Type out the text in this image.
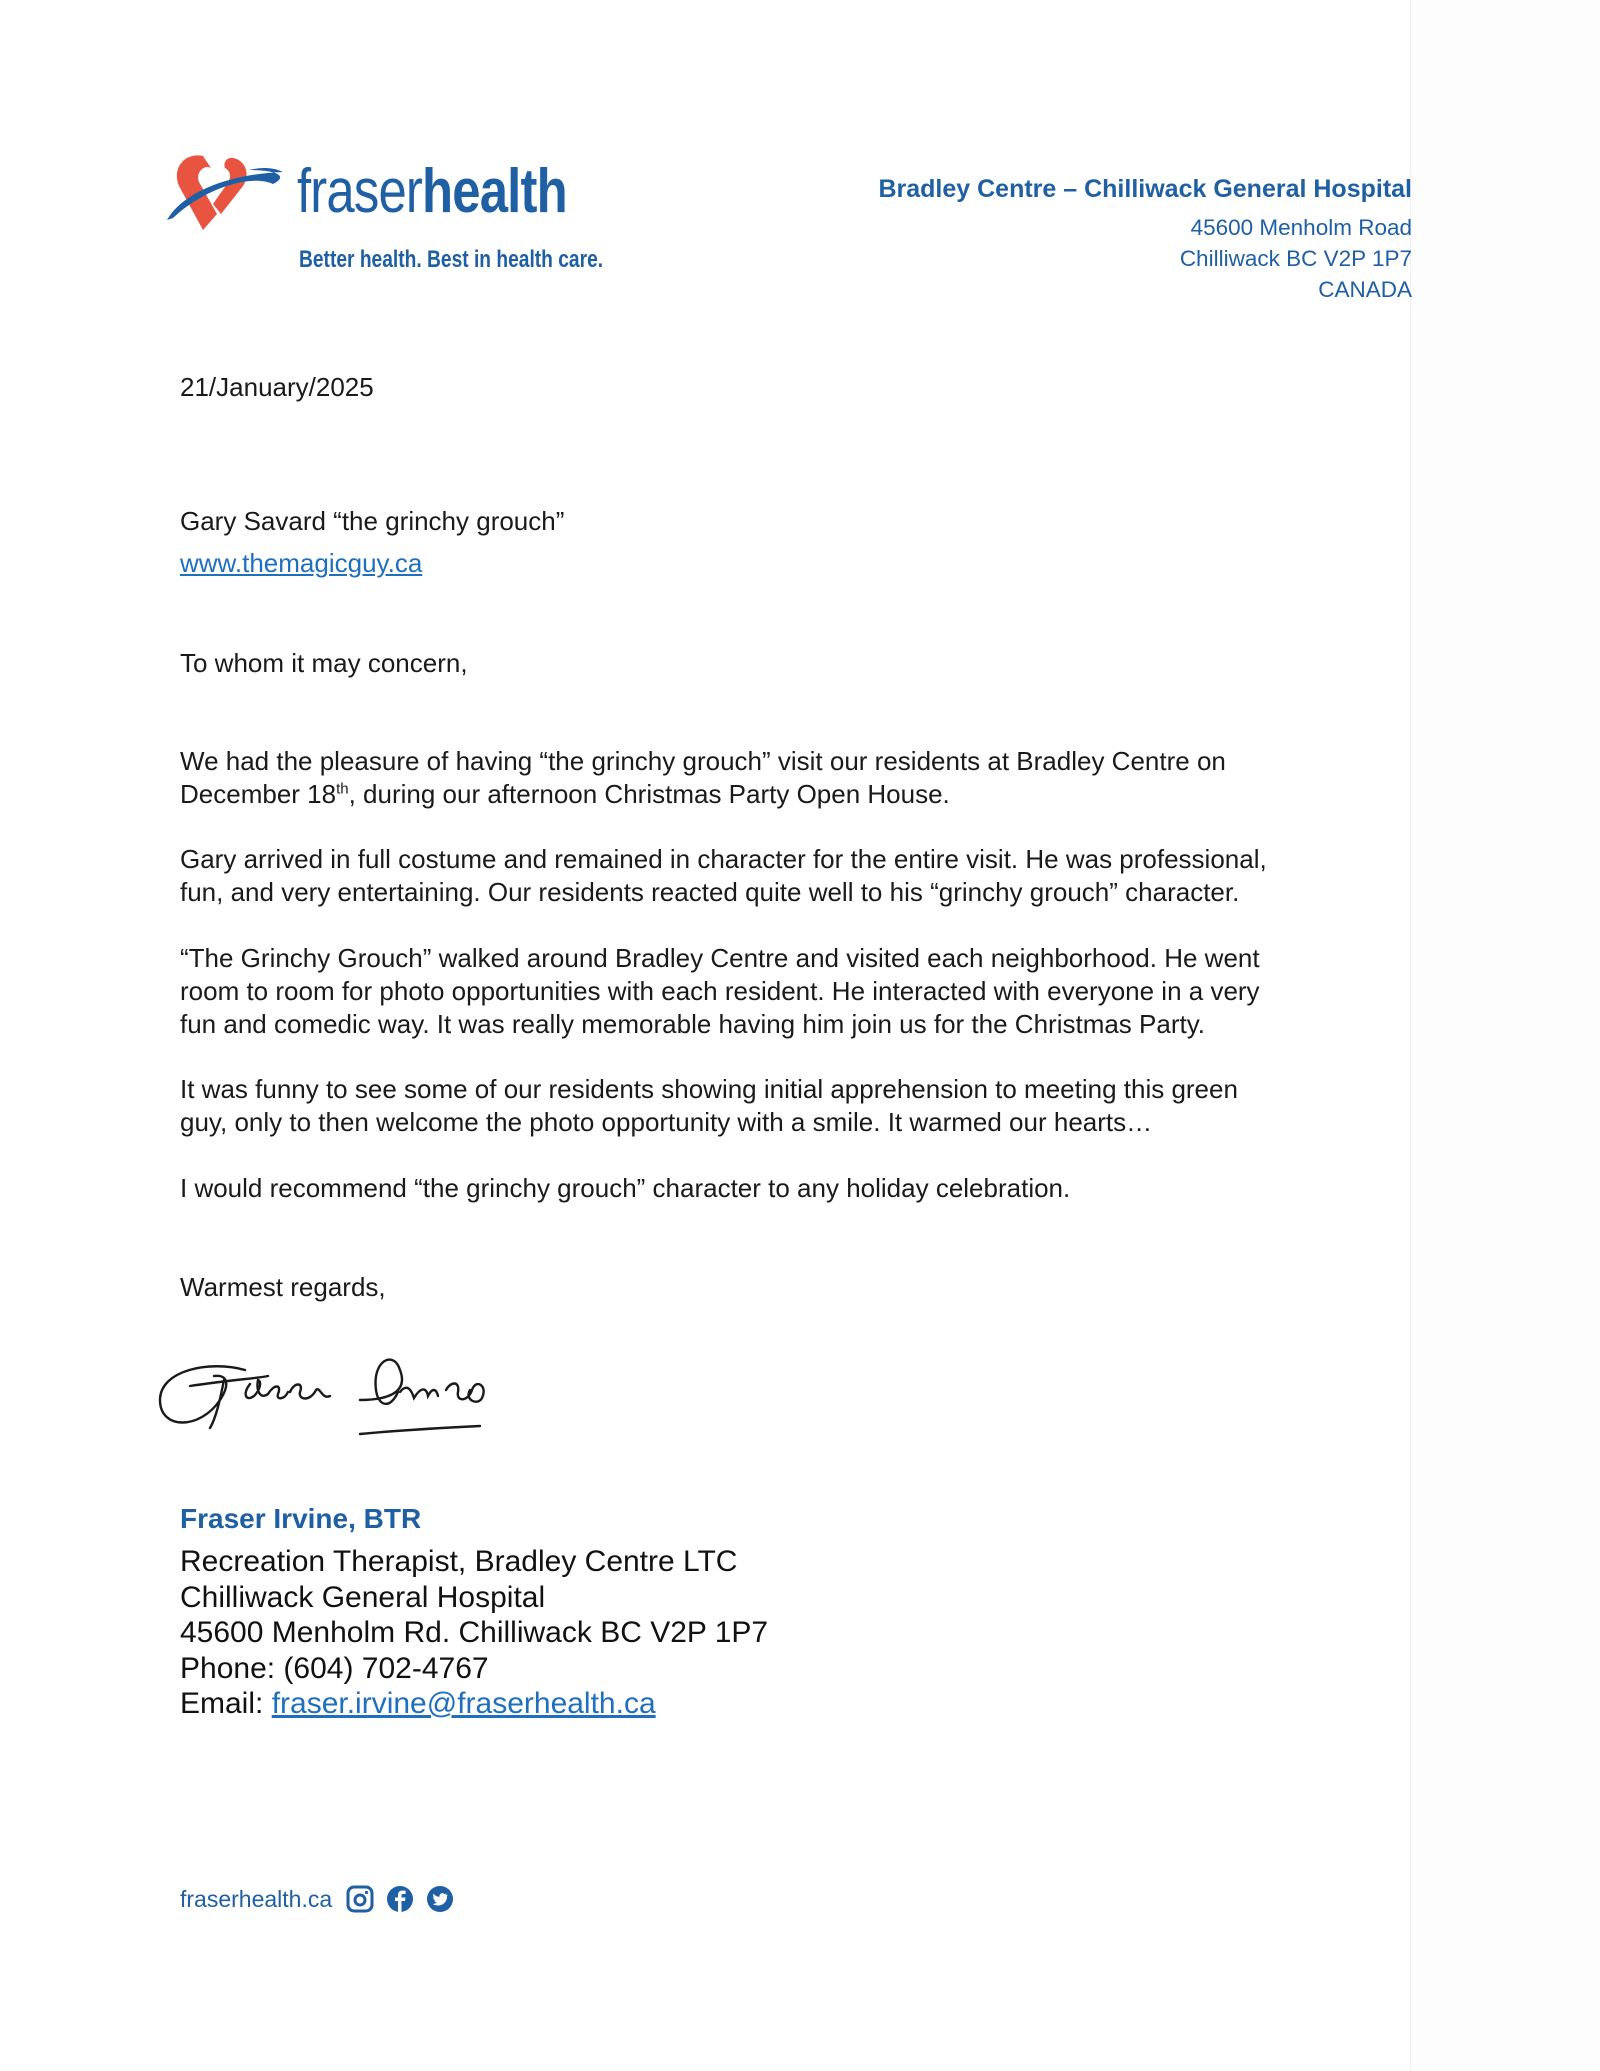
fraserhealth
Better health. Best in health care.
Bradley Centre – Chilliwack General Hospital
45600 Menholm Road
Chilliwack BC V2P 1P7
CANADA
21/January/2025
Gary Savard “the grinchy grouch”
www.themagicguy.ca
To whom it may concern,

We had the pleasure of having “the grinchy grouch” visit our residents at Bradley Centre on

December 18th, during our afternoon Christmas Party Open House.

Gary arrived in full costume and remained in character for the entire visit. He was professional,

fun, and very entertaining. Our residents reacted quite well to his “grinchy grouch” character.

“The Grinchy Grouch” walked around Bradley Centre and visited each neighborhood. He went

room to room for photo opportunities with each resident. He interacted with everyone in a very

fun and comedic way. It was really memorable having him join us for the Christmas Party.

It was funny to see some of our residents showing initial apprehension to meeting this green

guy, only to then welcome the photo opportunity with a smile. It warmed our hearts…

I would recommend “the grinchy grouch” character to any holiday celebration.

Warmest regards,
Fraser Irvine, BTR
Recreation Therapist, Bradley Centre LTC
Chilliwack General Hospital
45600 Menholm Rd. Chilliwack BC V2P 1P7
Phone: (604) 702-4767
Email: fraser.irvine@fraserhealth.ca
fraserhealth.ca
